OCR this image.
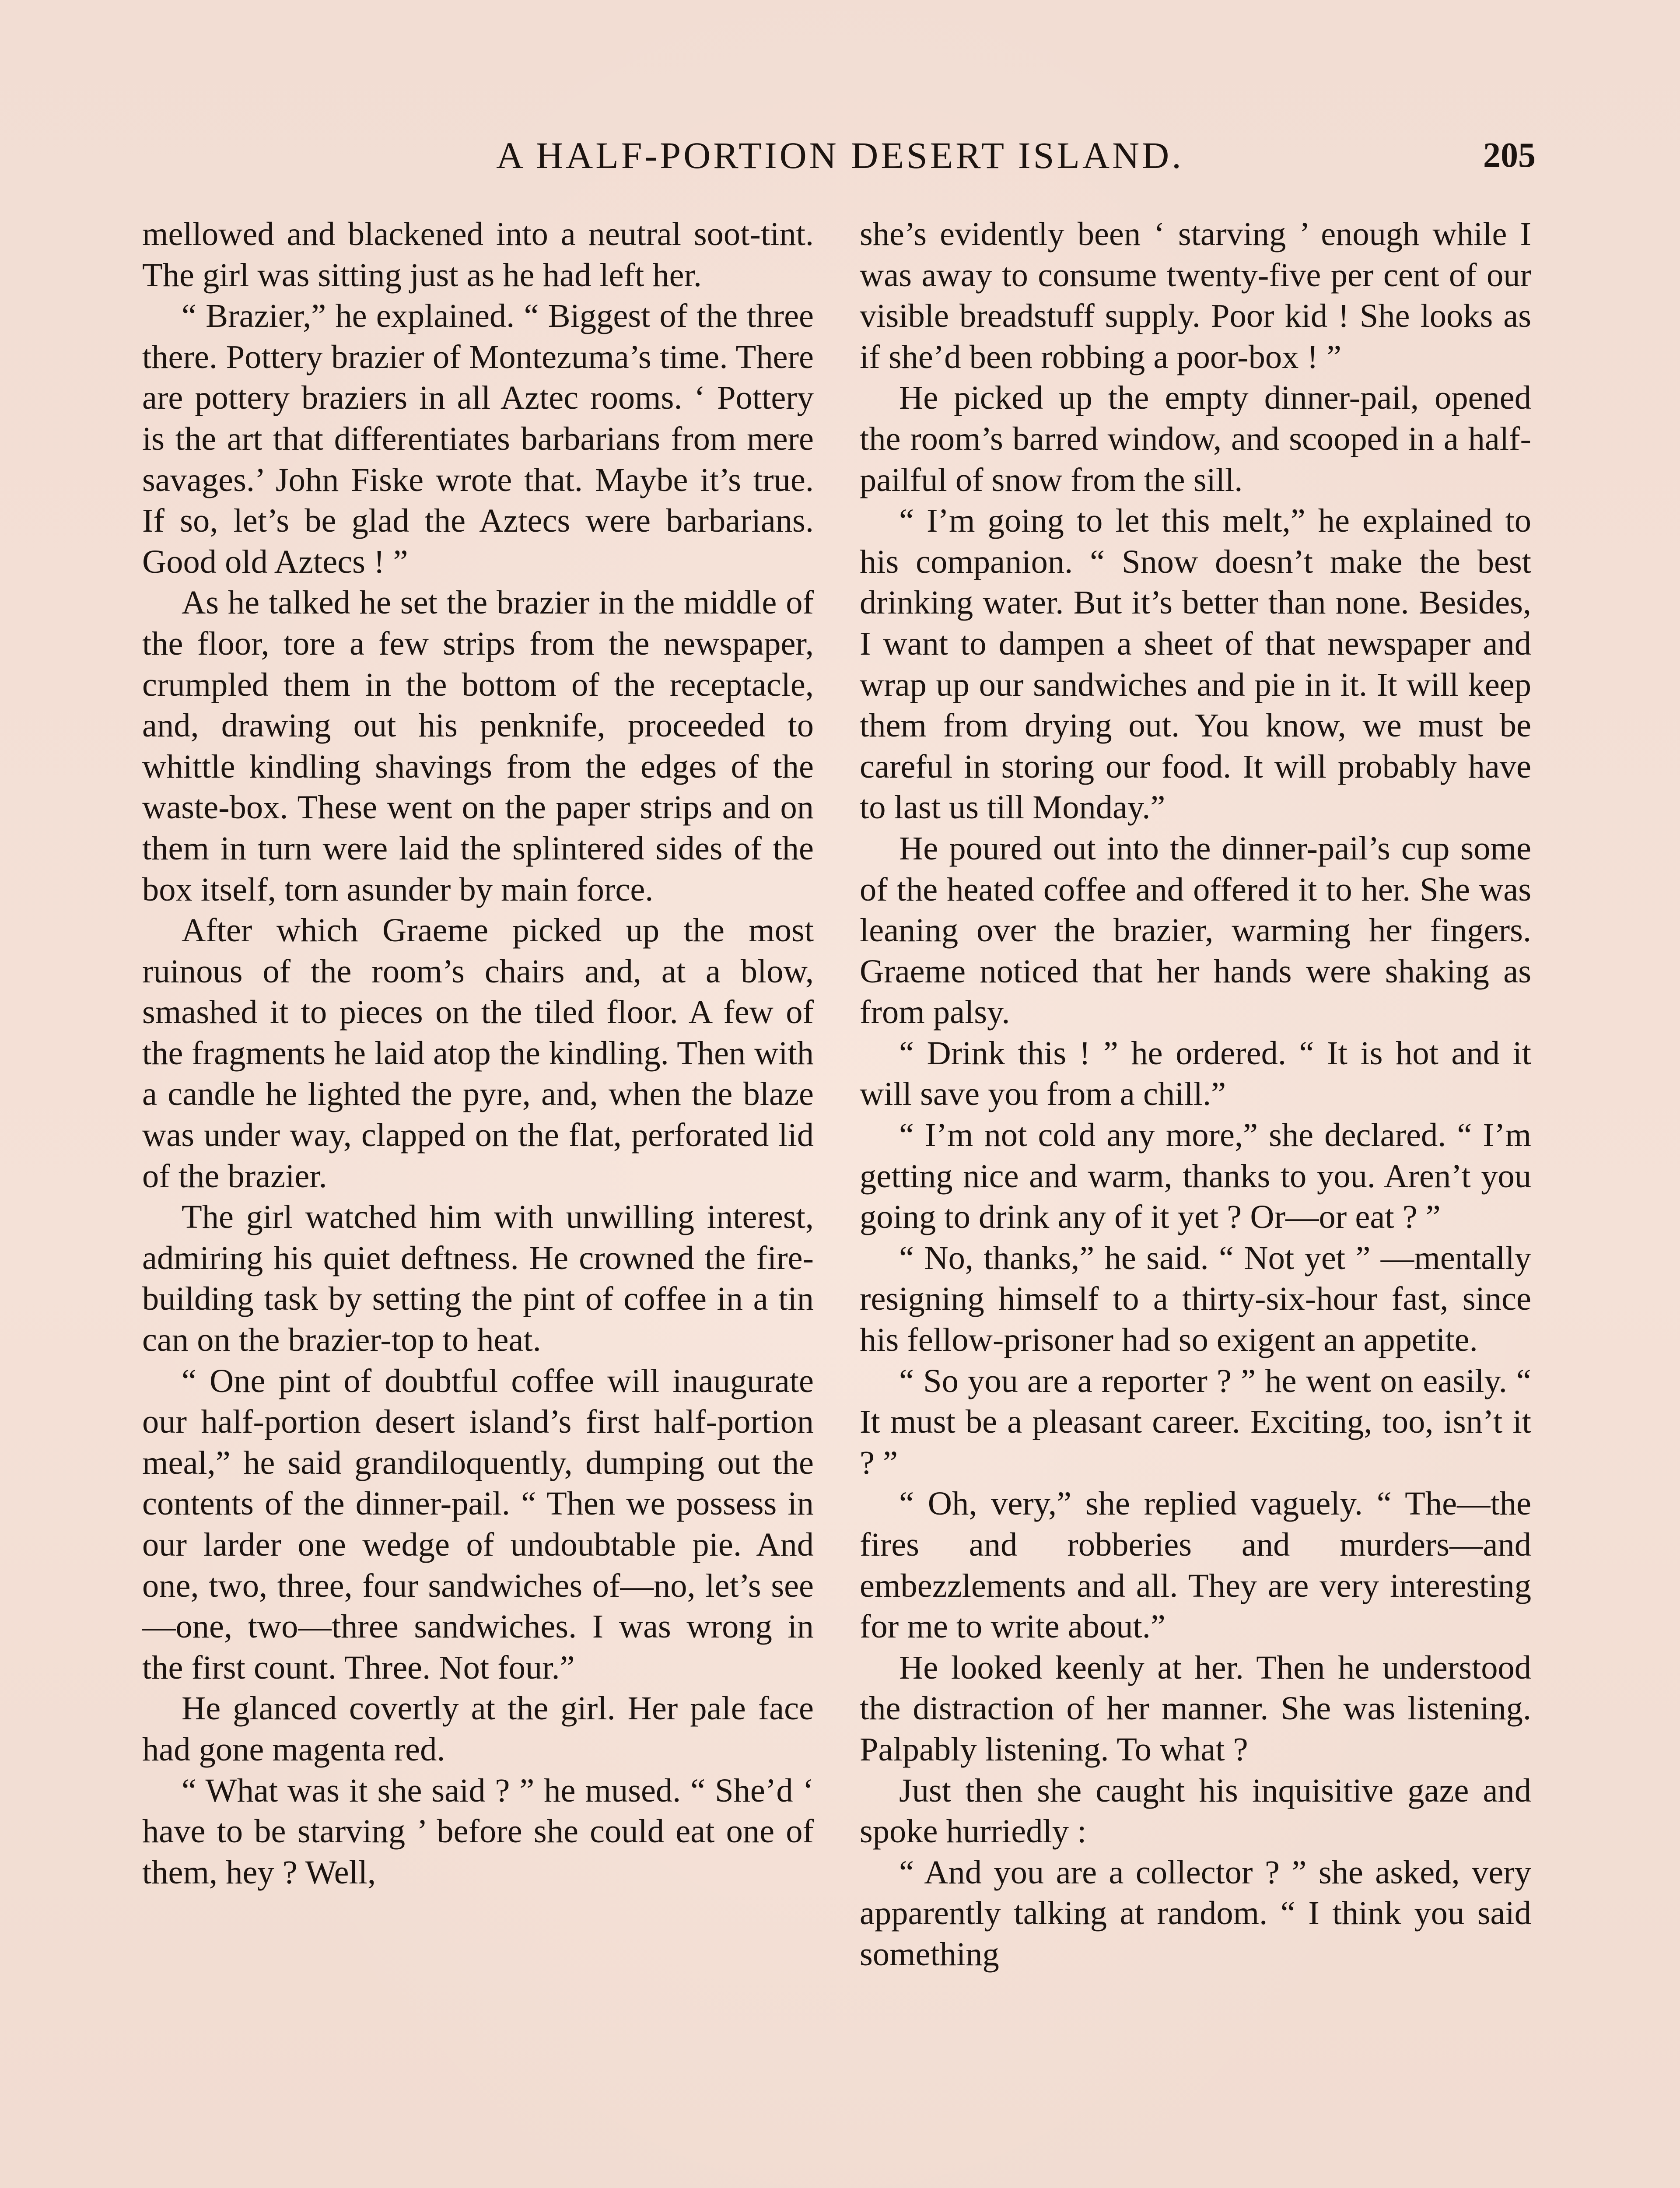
A HALF-PORTION DESERT ISLAND.	205

mellowed and blackened into a neutral soot-tint. The girl was sitting just as he had left her.

“ Brazier,” he explained. “ Biggest of the three there. Pottery brazier of Montezuma’s time. There are pottery braziers in all Aztec rooms. ‘ Pottery is the art that differentiates barbarians from mere savages.’ John Fiske wrote that. Maybe it’s true. If so, let’s be glad the Aztecs were barbarians. Good old Aztecs ! ”

As he talked he set the brazier in the middle of the floor, tore a few strips from the newspaper, crumpled them in the bottom of the receptacle, and, drawing out his penknife, proceeded to whittle kindling shavings from the edges of the waste-box. These went on the paper strips and on them in turn were laid the splintered sides of the box itself, torn asunder by main force.

After which Graeme picked up the most ruinous of the room’s chairs and, at a blow, smashed it to pieces on the tiled floor. A few of the fragments he laid atop the kindling. Then with a candle he lighted the pyre, and, when the blaze was under way, clapped on the flat, perforated lid of the brazier.

The girl watched him with unwilling interest, admiring his quiet deftness. He crowned the fire-building task by setting the pint of coffee in a tin can on the brazier-top to heat.

“ One pint of doubtful coffee will inaugurate our half-portion desert island’s first half-portion meal,” he said grandiloquently, dumping out the contents of the dinner-pail. “ Then we possess in our larder one wedge of undoubtable pie. And one, two, three, four sandwiches of—no, let’s see—one, two—three sandwiches. I was wrong in the first count. Three. Not four.”

He glanced covertly at the girl. Her pale face had gone magenta red.

“ What was it she said ? ” he mused. “ She’d ‘ have to be starving ’ before she could eat one of them, hey ? Well,

she’s evidently been ‘ starving ’ enough while I was away to consume twenty-five per cent of our visible breadstuff supply. Poor kid ! She looks as if she’d been robbing a poor-box ! ”

He picked up the empty dinner-pail, opened the room’s barred window, and scooped in a half-pailful of snow from the sill.

“ I’m going to let this melt,” he explained to his companion. “ Snow doesn’t make the best drinking water. But it’s better than none. Besides, I want to dampen a sheet of that newspaper and wrap up our sandwiches and pie in it. It will keep them from drying out. You know, we must be careful in storing our food. It will probably have to last us till Monday.”

He poured out into the dinner-pail’s cup some of the heated coffee and offered it to her. She was leaning over the brazier, warming her fingers. Graeme noticed that her hands were shaking as from palsy.

“ Drink this ! ” he ordered. “ It is hot and it will save you from a chill.”

“ I’m not cold any more,” she declared. “ I’m getting nice and warm, thanks to you. Aren’t you going to drink any of it yet ? Or—or eat ? ”

“ No, thanks,” he said. “ Not yet ” —mentally resigning himself to a thirty-six-hour fast, since his fellow-prisoner had so exigent an appetite.

“ So you are a reporter ? ” he went on easily. “ It must be a pleasant career. Exciting, too, isn’t it ? ”

“ Oh, very,” she replied vaguely. “ The—the fires and robberies and murders—and embezzlements and all. They are very interesting for me to write about.”

He looked keenly at her. Then he understood the distraction of her manner. She was listening. Palpably listening. To what ?

Just then she caught his inquisitive gaze and spoke hurriedly :

“ And you are a collector ? ” she asked, very apparently talking at random. “ I think you said something
